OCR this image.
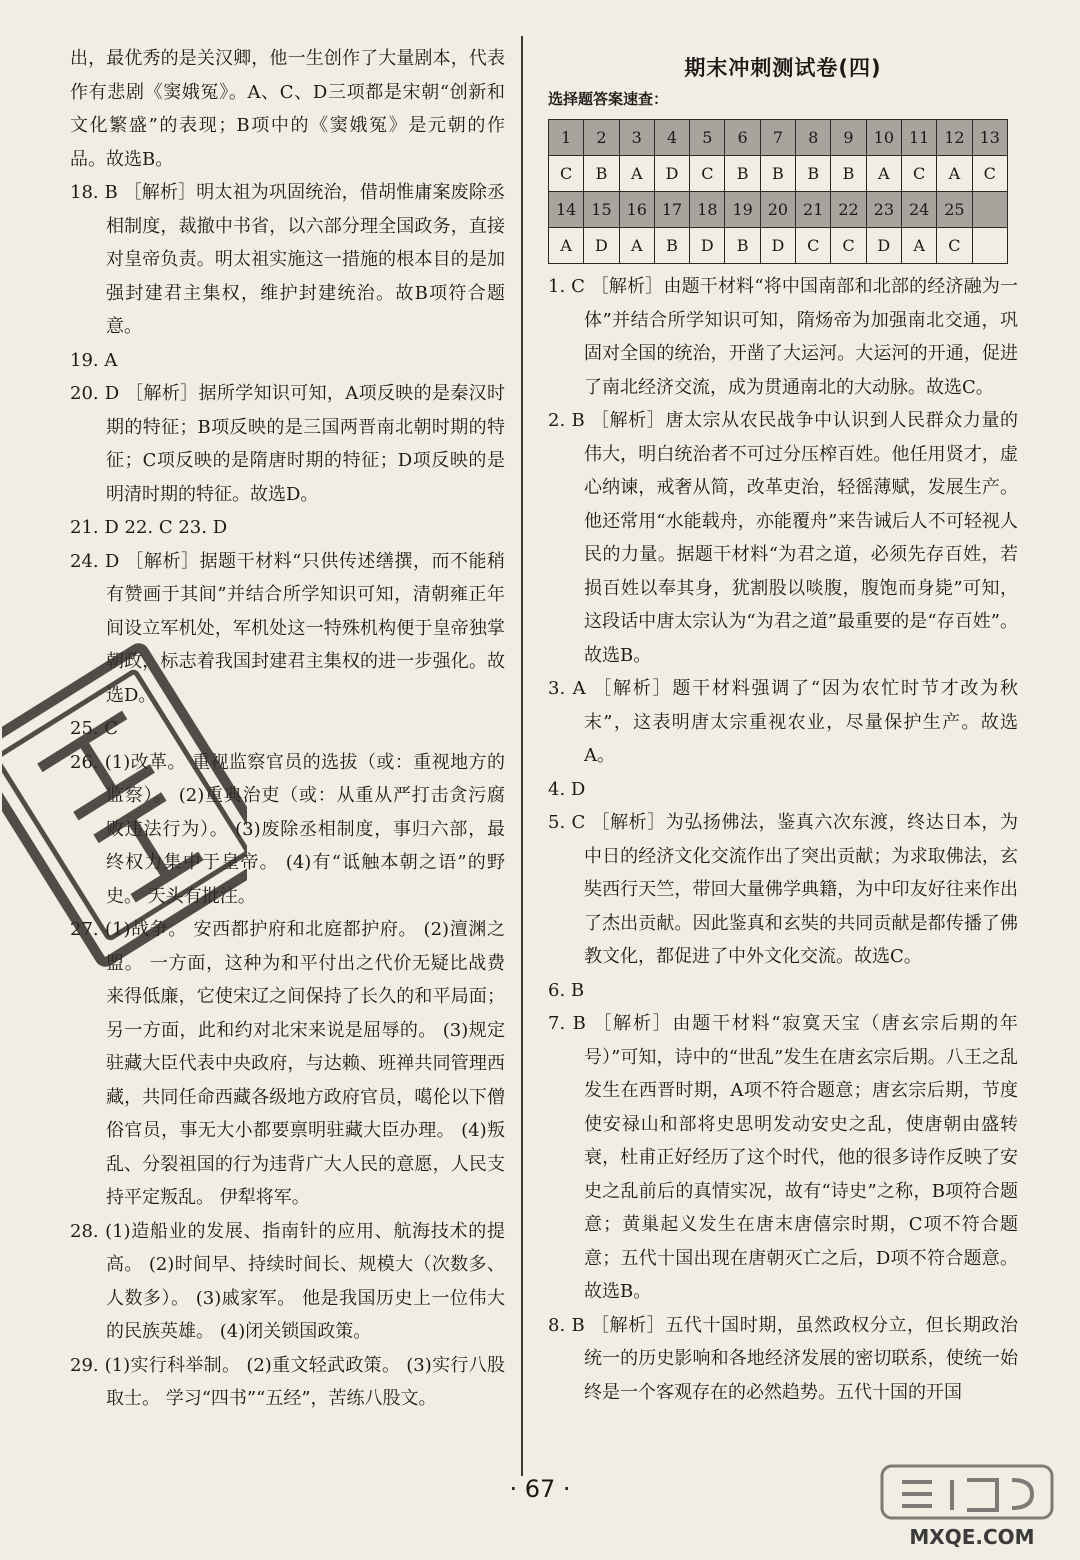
出，最优秀的是关汉卿，他一生创作了大量剧本，代表作有悲剧《窦娥冤》。A、C、D三项都是宋朝“创新和文化繁盛”的表现；B项中的《窦娥冤》是元朝的作品。故选B。

18. B ［解析］明太祖为巩固统治，借胡惟庸案废除丞相制度，裁撤中书省，以六部分理全国政务，直接对皇帝负责。明太祖实施这一措施的根本目的是加强封建君主集权，维护封建统治。故B项符合题意。

19. A

20. D ［解析］据所学知识可知，A项反映的是秦汉时期的特征；B项反映的是三国两晋南北朝时期的特征；C项反映的是隋唐时期的特征；D项反映的是明清时期的特征。故选D。

21. D 22. C 23. D

24. D ［解析］据题干材料“只供传述缮撰，而不能稍有赞画于其间”并结合所学知识可知，清朝雍正年间设立军机处，军机处这一特殊机构便于皇帝独掌朝政，标志着我国封建君主集权的进一步强化。故选D。

25. C

26. (1)改革。 重视监察官员的选拔（或：重视地方的监察）。 (2)重典治吏（或：从重从严打击贪污腐败违法行为）。 (3)废除丞相制度，事归六部，最终权力集中于皇帝。 (4)有“诋触本朝之语”的野史。 天头有批注。

27. (1)战争。 安西都护府和北庭都护府。 (2)澶渊之盟。 一方面，这种为和平付出之代价无疑比战费来得低廉，它使宋辽之间保持了长久的和平局面；另一方面，此和约对北宋来说是屈辱的。 (3)规定驻藏大臣代表中央政府，与达赖、班禅共同管理西藏，共同任命西藏各级地方政府官员，噶伦以下僧俗官员，事无大小都要禀明驻藏大臣办理。 (4)叛乱、分裂祖国的行为违背广大人民的意愿，人民支持平定叛乱。 伊犁将军。

28. (1)造船业的发展、指南针的应用、航海技术的提高。 (2)时间早、持续时间长、规模大（次数多、人数多）。 (3)戚家军。 他是我国历史上一位伟大的民族英雄。 (4)闭关锁国政策。

29. (1)实行科举制。 (2)重文轻武政策。 (3)实行八股取士。 学习“四书”“五经”，苦练八股文。

期末冲刺测试卷(四)
选择题答案速查：
1	2	3	4	5	6	7	8	9	10	11	12	13
C	B	A	D	C	B	B	B	B	A	C	A	C
14	15	16	17	18	19	20	21	22	23	24	25	
A	D	A	B	D	B	D	C	C	D	A	C	

1. C ［解析］由题干材料“将中国南部和北部的经济融为一体”并结合所学知识可知，隋炀帝为加强南北交通，巩固对全国的统治，开凿了大运河。大运河的开通，促进了南北经济交流，成为贯通南北的大动脉。故选C。

2. B ［解析］唐太宗从农民战争中认识到人民群众力量的伟大，明白统治者不可过分压榨百姓。他任用贤才，虚心纳谏，戒奢从简，改革吏治，轻徭薄赋，发展生产。他还常用“水能载舟，亦能覆舟”来告诫后人不可轻视人民的力量。据题干材料“为君之道，必须先存百姓，若损百姓以奉其身，犹割股以啖腹，腹饱而身毙”可知，这段话中唐太宗认为“为君之道”最重要的是“存百姓”。故选B。

3. A ［解析］题干材料强调了“因为农忙时节才改为秋末”，这表明唐太宗重视农业，尽量保护生产。故选A。

4. D

5. C ［解析］为弘扬佛法，鉴真六次东渡，终达日本，为中日的经济文化交流作出了突出贡献；为求取佛法，玄奘西行天竺，带回大量佛学典籍，为中印友好往来作出了杰出贡献。因此鉴真和玄奘的共同贡献是都传播了佛教文化，都促进了中外文化交流。故选C。

6. B

7. B ［解析］由题干材料“寂寞天宝（唐玄宗后期的年号）”可知，诗中的“世乱”发生在唐玄宗后期。八王之乱发生在西晋时期，A项不符合题意；唐玄宗后期，节度使安禄山和部将史思明发动安史之乱，使唐朝由盛转衰，杜甫正好经历了这个时代，他的很多诗作反映了安史之乱前后的真情实况，故有“诗史”之称，B项符合题意；黄巢起义发生在唐末唐僖宗时期，C项不符合题意；五代十国出现在唐朝灭亡之后，D项不符合题意。故选B。

8. B ［解析］五代十国时期，虽然政权分立，但长期政治统一的历史影响和各地经济发展的密切联系，使统一始终是一个客观存在的必然趋势。五代十国的开国

· 67 ·
MXQE.COM
